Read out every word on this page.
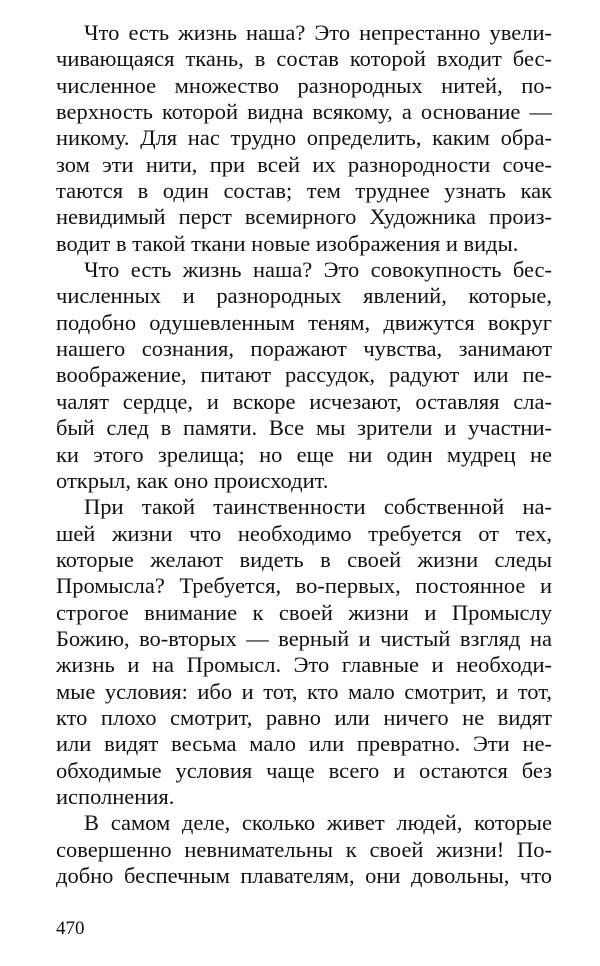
Что есть жизнь наша? Это непрестанно увели-
чивающаяся ткань, в состав которой входит бес-
численное множество разнородных нитей, по-
верхность которой видна всякому, а основание —
никому. Для нас трудно определить, каким обра-
зом эти нити, при всей их разнородности соче-
таются в один состав; тем труднее узнать как
невидимый перст всемирного Художника произ-
водит в такой ткани новые изображения и виды.
Что есть жизнь наша? Это совокупность бес-
численных и разнородных явлений, которые,
подобно одушевленным теням, движутся вокруг
нашего сознания, поражают чувства, занимают
воображение, питают рассудок, радуют или пе-
чалят сердце, и вскоре исчезают, оставляя сла-
бый след в памяти. Все мы зрители и участни-
ки этого зрелища; но еще ни один мудрец не
открыл, как оно происходит.
При такой таинственности собственной на-
шей жизни что необходимо требуется от тех,
которые желают видеть в своей жизни следы
Промысла? Требуется, во-первых, постоянное и
строгое внимание к своей жизни и Промыслу
Божию, во-вторых — верный и чистый взгляд на
жизнь и на Промысл. Это главные и необходи-
мые условия: ибо и тот, кто мало смотрит, и тот,
кто плохо смотрит, равно или ничего не видят
или видят весьма мало или превратно. Эти не-
обходимые условия чаще всего и остаются без
исполнения.
В самом деле, сколько живет людей, которые
совершенно невнимательны к своей жизни! По-
добно беспечным плавателям, они довольны, что
470
